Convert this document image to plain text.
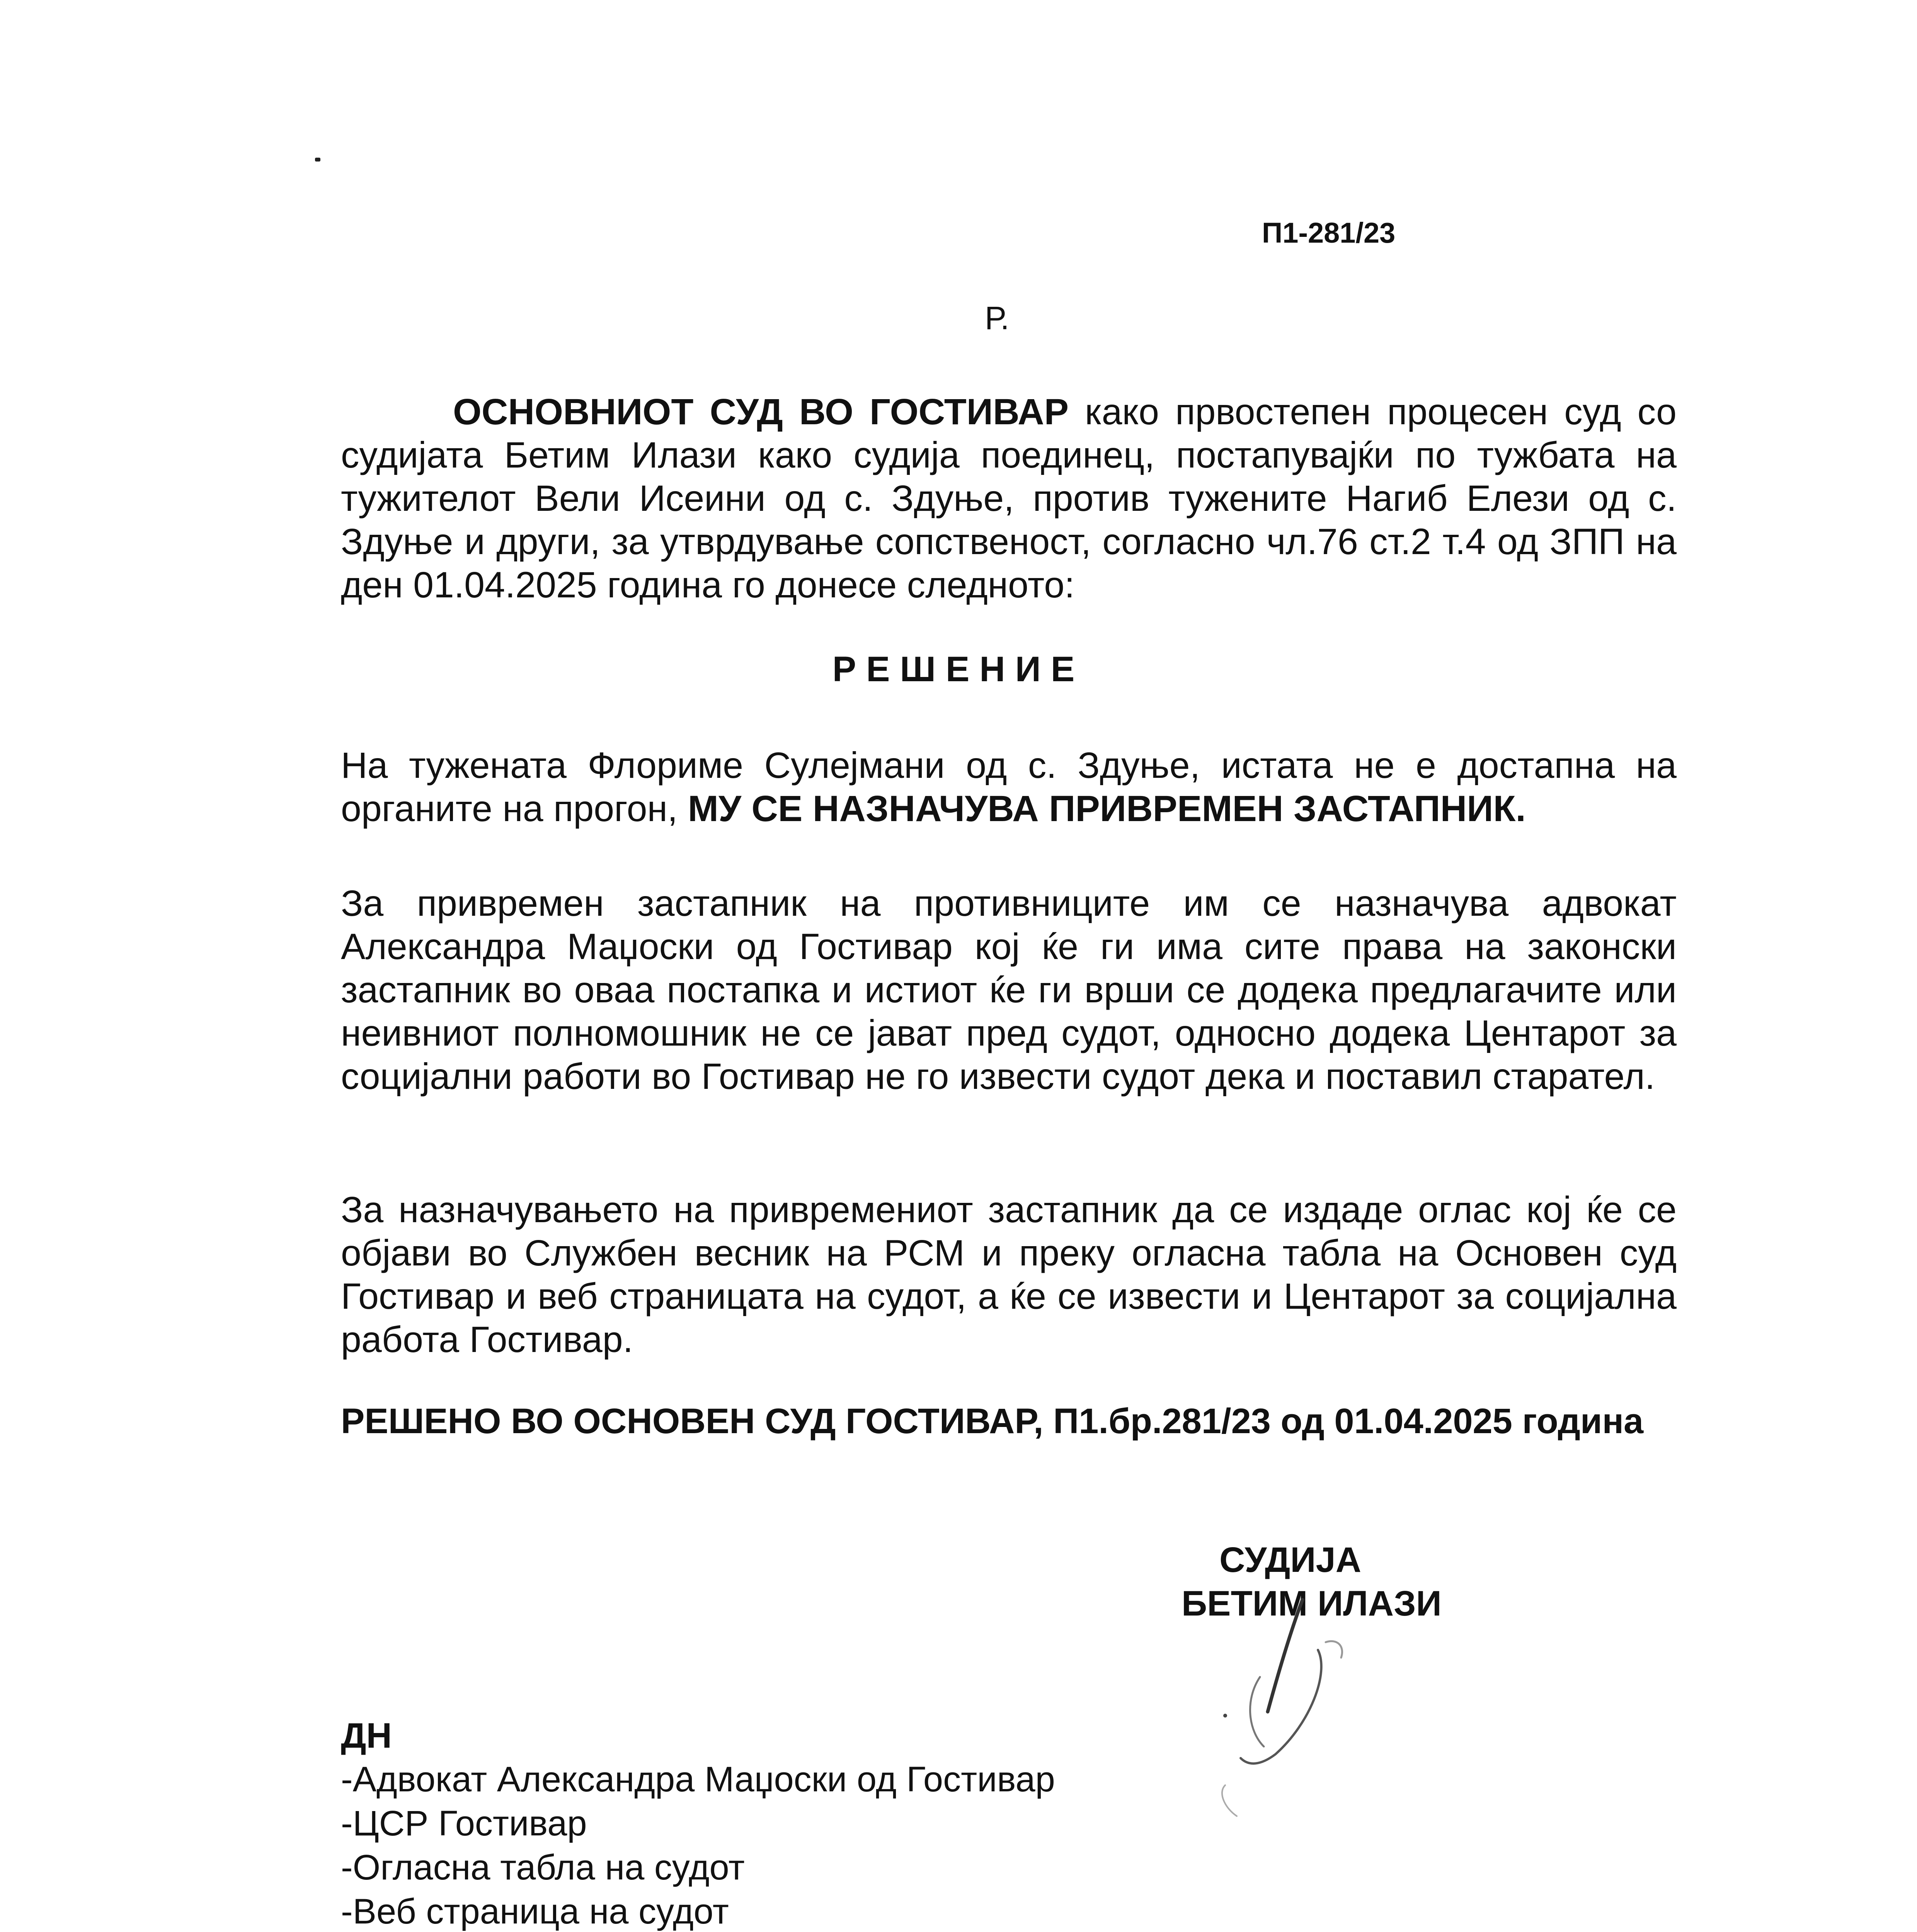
П1-281/23
Р.

ОСНОВНИОТ СУД ВО ГОСТИВАР како првостепен процесен суд со судијата Бетим Илази како судија поединец, постапувајќи по тужбата на тужителот Вели Исеини од с. Здуње, против тужените Нагиб Елези од с. Здуње и други, за утврдување сопственост, согласно чл.76 ст.2 т.4 од ЗПП на ден 01.04.2025 година го донесе следното:

РЕШЕНИЕ

На тужената Флориме Сулејмани од с. Здуње, истата не е достапна на органите на прогон, МУ СЕ НАЗНАЧУВА ПРИВРЕМЕН ЗАСТАПНИК.

За привремен застапник на противниците им се назначува адвокат Александра Маџоски од Гостивар кој ќе ги има сите права на законски застапник во оваа постапка и истиот ќе ги врши се додека предлагачите или неивниот полномошник не се јават пред судот, односно додека Центарот за социјални работи во Гостивар не го извести судот дека и поставил старател.

За назначувањето на привремениот застапник да се издаде оглас кој ќе се објави во Службен весник на РСМ и преку огласна табла на Основен суд Гостивар и веб страницата на судот, а ќе се извести и Центарот за социјална работа Гостивар.

РЕШЕНО ВО ОСНОВЕН СУД ГОСТИВАР, П1.бр.281/23 од 01.04.2025 година

СУДИЈА
БЕТИМ ИЛАЗИ
ДН
-Адвокат Александра Маџоски од Гостивар
-ЦСР Гостивар
-Огласна табла на судот
-Веб страница на судот
